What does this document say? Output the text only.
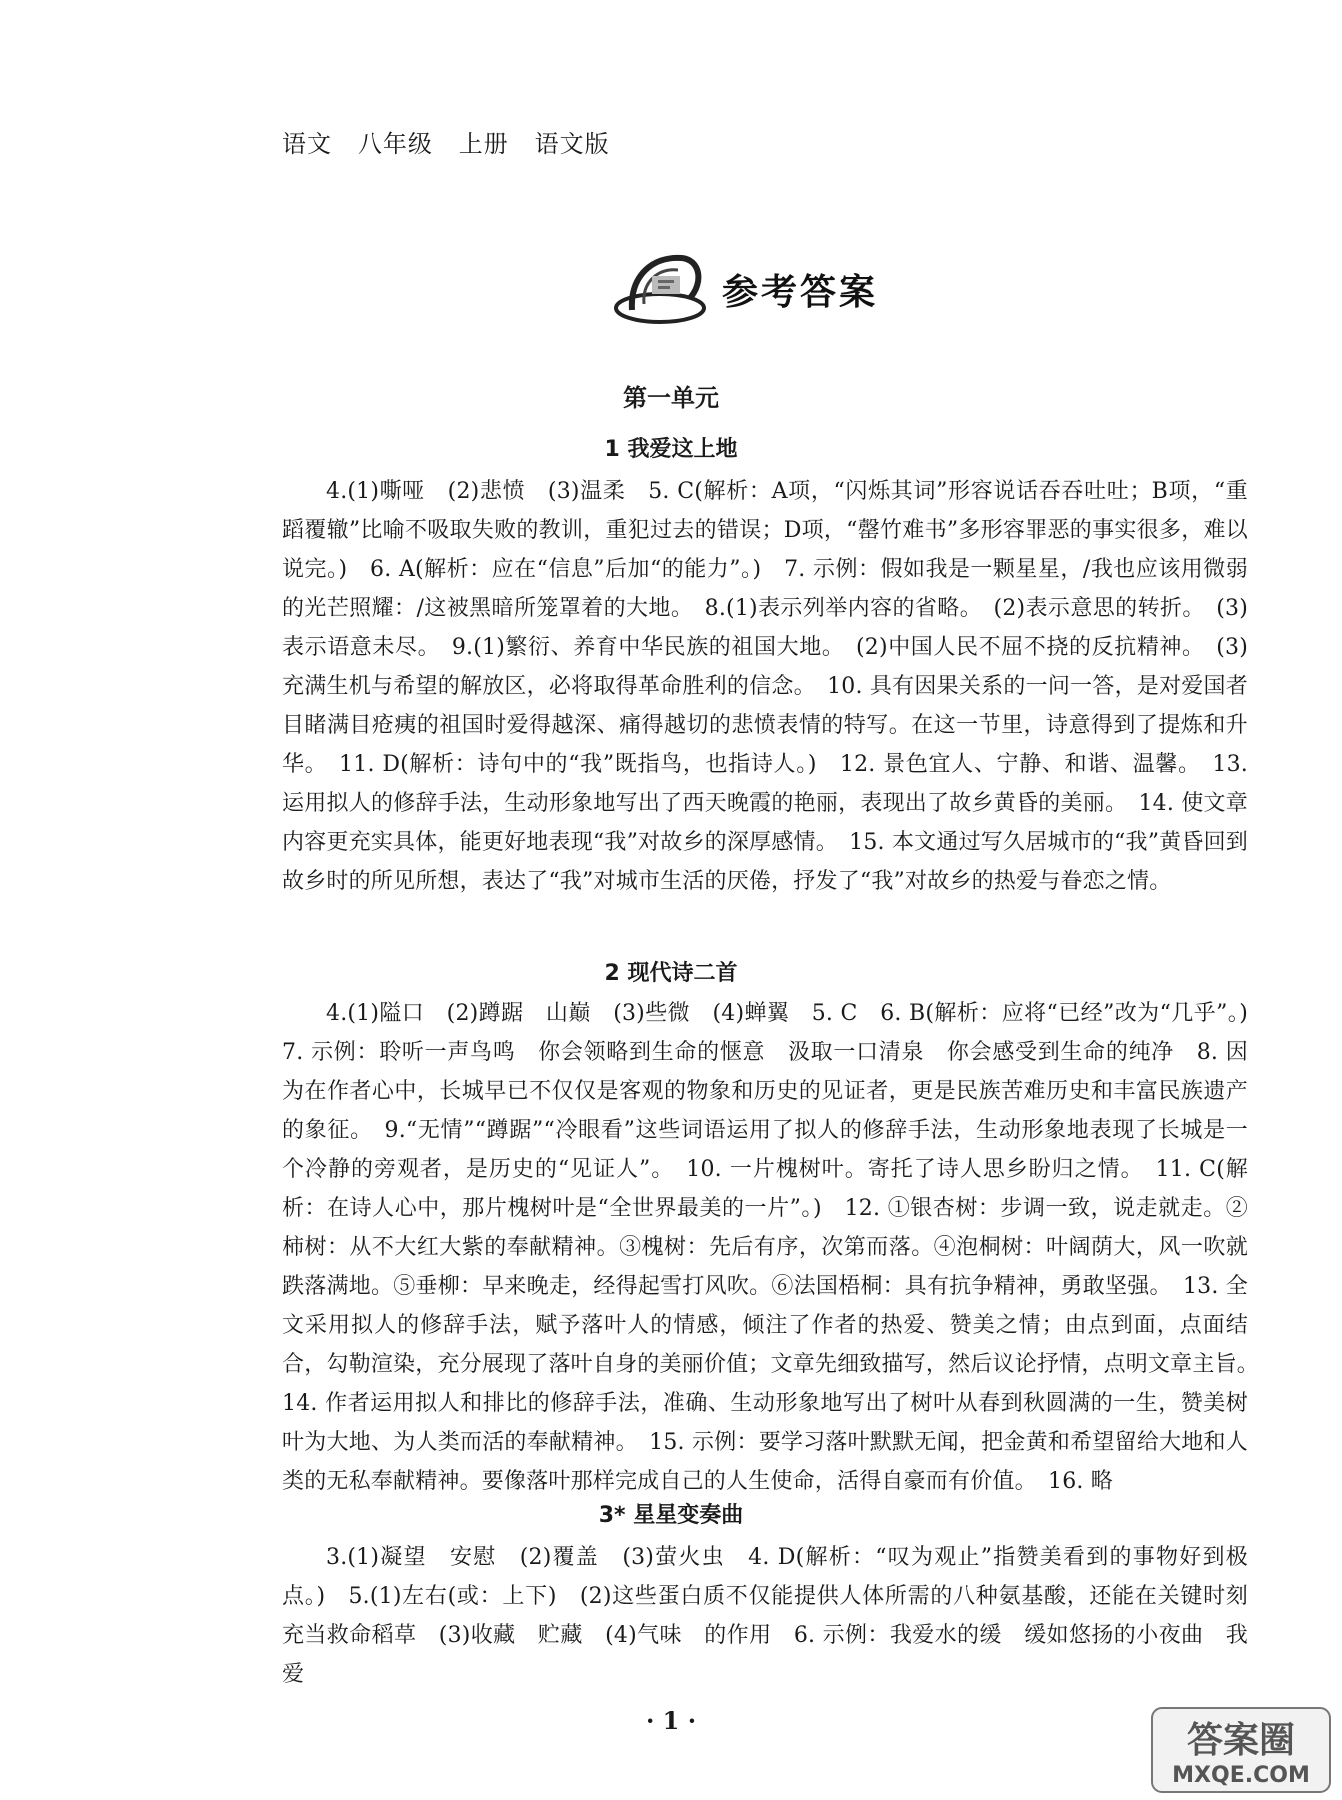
语文   八年级   上册   语文版
参考答案
第一单元
1 我爱这上地

4.(1)嘶哑　(2)悲愤　(3)温柔　5. C(解析：A项，“闪烁其词”形容说话吞吞吐吐；B项，“重蹈覆辙”比喻不吸取失败的教训，重犯过去的错误；D项，“罄竹难书”多形容罪恶的事实很多，难以说完。)　6. A(解析：应在“信息”后加“的能力”。)　7. 示例：假如我是一颗星星，/我也应该用微弱的光芒照耀：/这被黑暗所笼罩着的大地。　8.(1)表示列举内容的省略。　(2)表示意思的转折。　(3)表示语意未尽。　9.(1)繁衍、养育中华民族的祖国大地。　(2)中国人民不屈不挠的反抗精神。　(3)充满生机与希望的解放区，必将取得革命胜利的信念。　10. 具有因果关系的一问一答，是对爱国者目睹满目疮痍的祖国时爱得越深、痛得越切的悲愤表情的特写。在这一节里，诗意得到了提炼和升华。　11. D(解析：诗句中的“我”既指鸟，也指诗人。)　12. 景色宜人、宁静、和谐、温馨。　13. 运用拟人的修辞手法，生动形象地写出了西天晚霞的艳丽，表现出了故乡黄昏的美丽。　14. 使文章内容更充实具体，能更好地表现“我”对故乡的深厚感情。　15. 本文通过写久居城市的“我”黄昏回到故乡时的所见所想，表达了“我”对城市生活的厌倦，抒发了“我”对故乡的热爱与眷恋之情。

2 现代诗二首

4.(1)隘口　(2)蹲踞　山巅　(3)些微　(4)蝉翼　5. C　6. B(解析：应将“已经”改为“几乎”。)　7. 示例：聆听一声鸟鸣　你会领略到生命的惬意　汲取一口清泉　你会感受到生命的纯净　8. 因为在作者心中，长城早已不仅仅是客观的物象和历史的见证者，更是民族苦难历史和丰富民族遗产的象征。　9.“无情”“蹲踞”“冷眼看”这些词语运用了拟人的修辞手法，生动形象地表现了长城是一个冷静的旁观者，是历史的“见证人”。　10. 一片槐树叶。寄托了诗人思乡盼归之情。　11. C(解析：在诗人心中，那片槐树叶是“全世界最美的一片”。)　12. ①银杏树：步调一致，说走就走。②柿树：从不大红大紫的奉献精神。③槐树：先后有序，次第而落。④泡桐树：叶阔荫大，风一吹就跌落满地。⑤垂柳：早来晚走，经得起雪打风吹。⑥法国梧桐：具有抗争精神，勇敢坚强。　13. 全文采用拟人的修辞手法，赋予落叶人的情感，倾注了作者的热爱、赞美之情；由点到面，点面结合，勾勒渲染，充分展现了落叶自身的美丽价值；文章先细致描写，然后议论抒情，点明文章主旨。　14. 作者运用拟人和排比的修辞手法，准确、生动形象地写出了树叶从春到秋圆满的一生，赞美树叶为大地、为人类而活的奉献精神。　15. 示例：要学习落叶默默无闻，把金黄和希望留给大地和人类的无私奉献精神。要像落叶那样完成自己的人生使命，活得自豪而有价值。　16. 略

3* 星星变奏曲

3.(1)凝望　安慰　(2)覆盖　(3)萤火虫　4. D(解析：“叹为观止”指赞美看到的事物好到极点。)　5.(1)左右(或：上下)　(2)这些蛋白质不仅能提供人体所需的八种氨基酸，还能在关键时刻充当救命稻草　(3)收藏　贮藏　(4)气味　的作用　6. 示例：我爱水的缓　缓如悠扬的小夜曲　我爱

· 1 ·	答案圈
MXQE.COM
